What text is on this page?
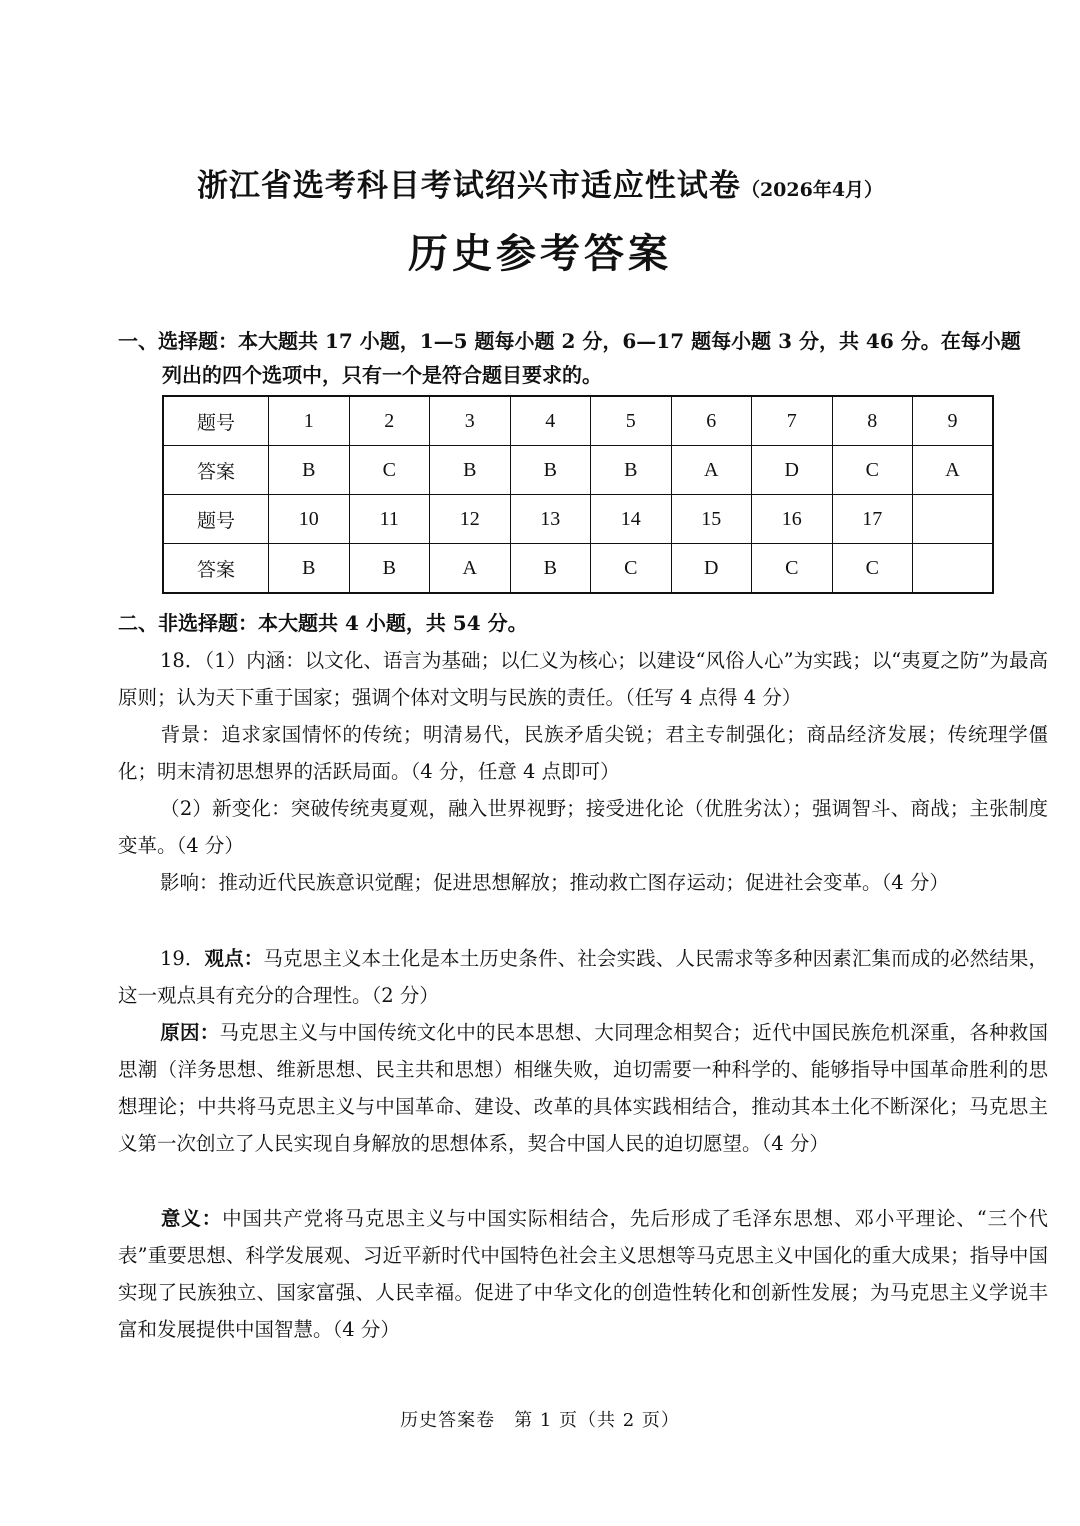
浙江省选考科目考试绍兴市适应性试卷（2026年4月）
历史参考答案
一、选择题：本大题共 17 小题，1—5 题每小题 2 分，6—17 题每小题 3 分，共 46 分。在每小题
列出的四个选项中，只有一个是符合题目要求的。
题号	1	2	3	4	5	6	7	8	9
答案	B	C	B	B	B	A	D	C	A
题号	10	11	12	13	14	15	16	17	
答案	B	B	A	B	C	D	C	C	
二、非选择题：本大题共 4 小题，共 54 分。
18．（1）内涵：以文化、语言为基础；以仁义为核心；以建设“风俗人心”为实践；以“夷夏之防”为最高原则；认为天下重于国家；强调个体对文明与民族的责任。（任写 4 点得 4 分）
背景：追求家国情怀的传统；明清易代，民族矛盾尖锐；君主专制强化；商品经济发展；传统理学僵化；明末清初思想界的活跃局面。（4 分，任意 4 点即可）
（2）新变化：突破传统夷夏观，融入世界视野；接受进化论（优胜劣汰）；强调智斗、商战；主张制度变革。（4 分）
影响：推动近代民族意识觉醒；促进思想解放；推动救亡图存运动；促进社会变革。（4 分）
19．观点：马克思主义本土化是本土历史条件、社会实践、人民需求等多种因素汇集而成的必然结果，这一观点具有充分的合理性。（2 分）
原因：马克思主义与中国传统文化中的民本思想、大同理念相契合；近代中国民族危机深重，各种救国思潮（洋务思想、维新思想、民主共和思想）相继失败，迫切需要一种科学的、能够指导中国革命胜利的思想理论；中共将马克思主义与中国革命、建设、改革的具体实践相结合，推动其本土化不断深化；马克思主义第一次创立了人民实现自身解放的思想体系，契合中国人民的迫切愿望。（4 分）
意义：中国共产党将马克思主义与中国实际相结合，先后形成了毛泽东思想、邓小平理论、“三个代表”重要思想、科学发展观、习近平新时代中国特色社会主义思想等马克思主义中国化的重大成果；指导中国实现了民族独立、国家富强、人民幸福。促进了中华文化的创造性转化和创新性发展；为马克思主义学说丰富和发展提供中国智慧。（4 分）
历史答案卷　第 1 页（共 2 页）
